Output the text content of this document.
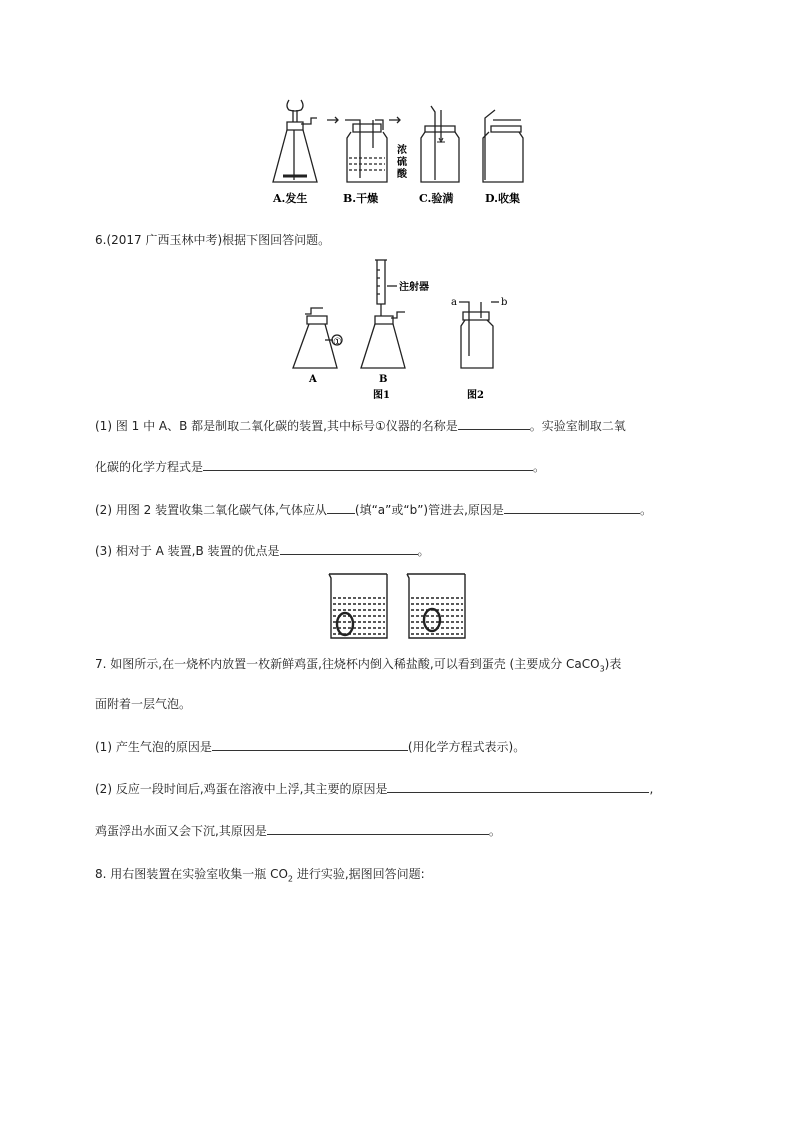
浓
硫
酸
A.发生	B.干燥	C.验满	D.收集
6.(2017 广西玉林中考)根据下图回答问题。
①
注射器
a	b
A	B
图1	图2
(1) 图 1 中 A、B 都是制取二氧化碳的装置,其中标号①仪器的名称是	。实验室制取二氧
化碳的化学方程式是	。
(2) 用图 2 装置收集二氧化碳气体,气体应从 (填“a”或“b”)管进去,原因是	。
(3) 相对于 A 装置,B 装置的优点是	。
7. 如图所示,在一烧杯内放置一枚新鲜鸡蛋,往烧杯内倒入稀盐酸,可以看到蛋壳 (主要成分 CaCO$_3$)表
面附着一层气泡。
(1) 产生气泡的原因是	(用化学方程式表示)。
(2) 反应一段时间后,鸡蛋在溶液中上浮,其主要的原因是	,
鸡蛋浮出水面又会下沉,其原因是	。
8. 用右图装置在实验室收集一瓶 $CO_2$ 进行实验,据图回答问题:
